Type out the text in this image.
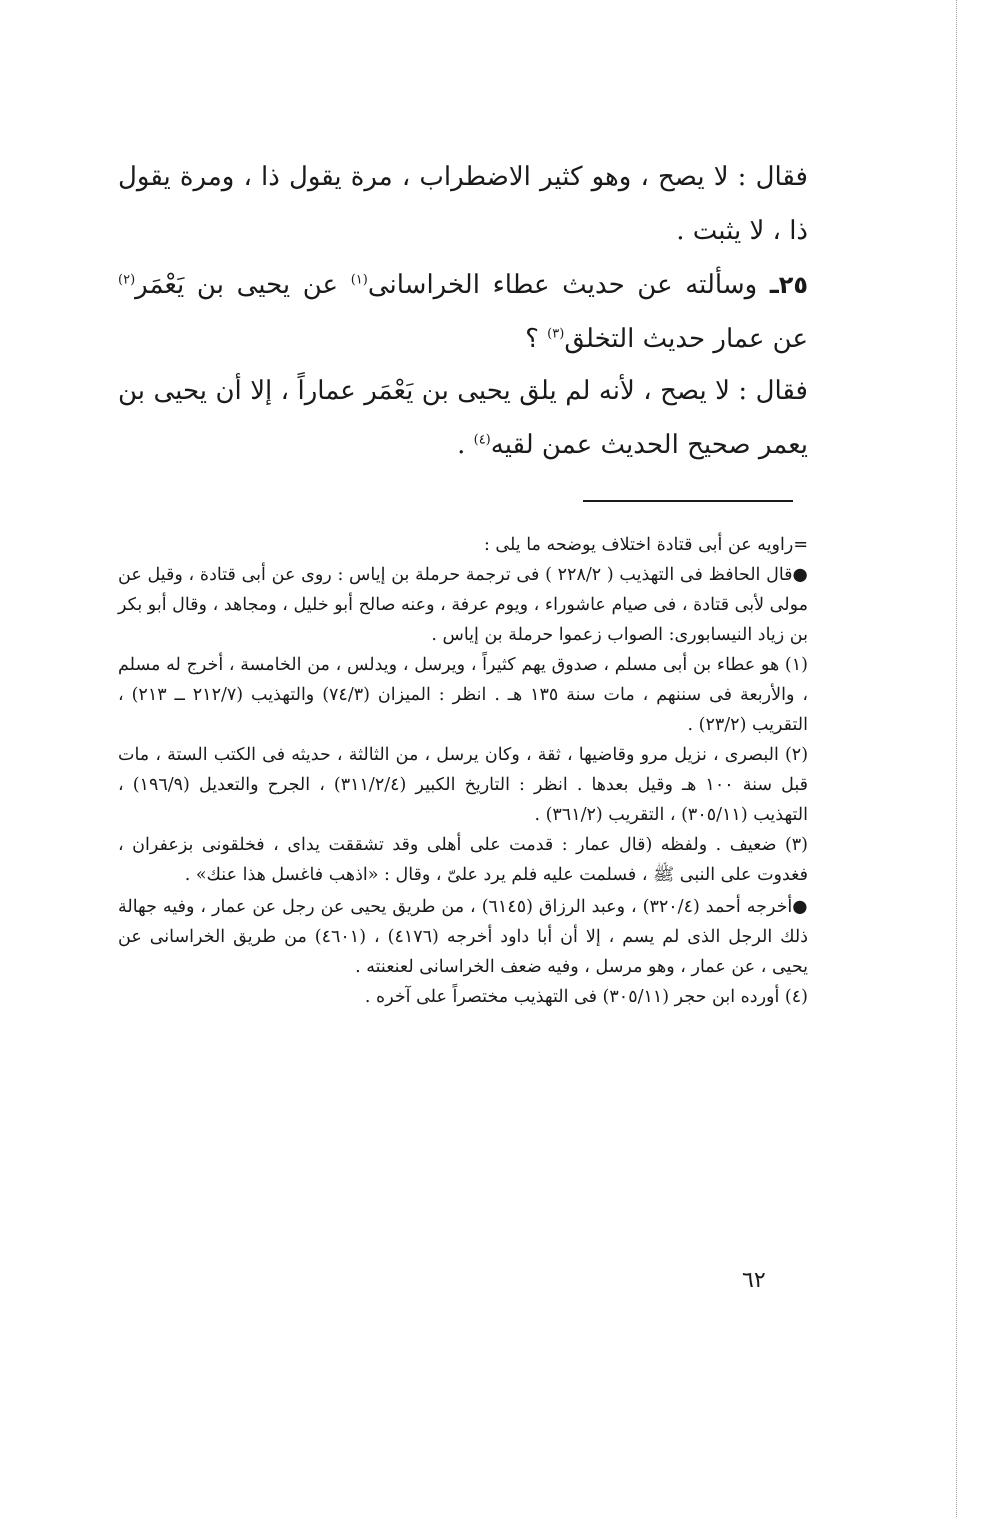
فقال : لا يصح ، وهو كثير الاضطراب ، مرة يقول ذا ، ومرة يقول ذا ، لا يثبت .

٢٥ـ وسألته عن حديث عطاء الخراسانى$^{(١)}$ عن يحيى بن يَعْمَر$^{(٢)}$ عن عمار حديث التخلق$^{(٣)}$ ؟

فقال : لا يصح ، لأنه لم يلق يحيى بن يَعْمَر عماراً ، إلا أن يحيى بن يعمر صحيح الحديث عمن لقيه$^{(٤)}$ .

=راويه عن أبى قتادة اختلاف يوضحه ما يلى :

●قال الحافظ فى التهذيب ( ٢٢٨/٢ ) فى ترجمة حرملة بن إياس : روى عن أبى قتادة ، وقيل عن مولى لأبى قتادة ، فى صيام عاشوراء ، ويوم عرفة ، وعنه صالح أبو خليل ، ومجاهد ، وقال أبو بكر بن زياد النيسابورى: الصواب زعموا حرملة بن إياس .

(١) هو عطاء بن أبى مسلم ، صدوق يهم كثيراً ، ويرسل ، ويدلس ، من الخامسة ، أخرج له مسلم ، والأربعة فى سننهم ، مات سنة ١٣٥ هـ . انظر : الميزان (٧٤/٣) والتهذيب (٢١٢/٧ ــ ٢١٣) ، التقريب (٢٣/٢) .

(٢) البصرى ، نزيل مرو وقاضيها ، ثقة ، وكان يرسل ، من الثالثة ، حديثه فى الكتب الستة ، مات قبل سنة ١٠٠ هـ وقيل بعدها . انظر : التاريخ الكبير (٣١١/٢/٤) ، الجرح والتعديل (١٩٦/٩) ، التهذيب (٣٠٥/١١) ، التقريب (٣٦١/٢) .

(٣) ضعيف . ولفظه (قال عمار : قدمت على أهلى وقد تشققت يداى ، فخلقونى بزعفران ، فغدوت على النبى ﷺ ، فسلمت عليه فلم يرد علىّ ، وقال : «اذهب فاغسل هذا عنك» .

●أخرجه أحمد (٣٢٠/٤) ، وعبد الرزاق (٦١٤٥) ، من طريق يحيى عن رجل عن عمار ، وفيه جهالة ذلك الرجل الذى لم يسم ، إلا أن أبا داود أخرجه (٤١٧٦) ، (٤٦٠١) من طريق الخراسانى عن يحيى ، عن عمار ، وهو مرسل ، وفيه ضعف الخراسانى لعنعنته .

(٤) أورده ابن حجر (٣٠٥/١١) فى التهذيب مختصراً على آخره .

٦٢
